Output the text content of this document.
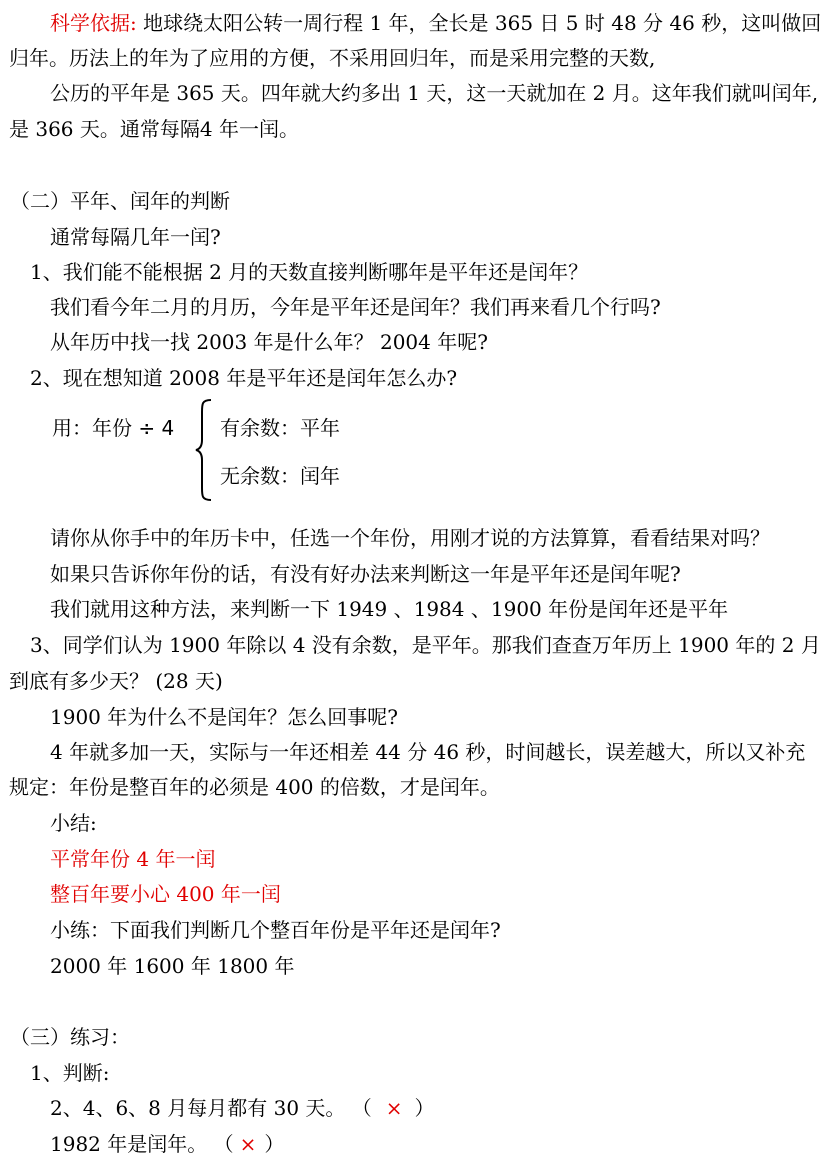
科学依据: 地球绕太阳公转一周行程 1 年，全长是 365 日 5 时 48 分 46 秒，这叫做回
归年。历法上的年为了应用的方便，不采用回归年，而是采用完整的天数,
公历的平年是 365 天。四年就大约多出 1 天，这一天就加在 2 月。这年我们就叫闰年,
是 366 天。通常每隔4 年一闰。
（二）平年、闰年的判断
通常每隔几年一闰?
1、我们能不能根据 2 月的天数直接判断哪年是平年还是闰年？
我们看今年二月的月历，今年是平年还是闰年？我们再来看几个行吗?
从年历中找一找 2003 年是什么年？ 2004 年呢?
2、现在想知道 2008 年是平年还是闰年怎么办?
用：年份 ÷ 4 有余数：平年
无余数：闰年
请你从你手中的年历卡中，任选一个年份，用刚才说的方法算算，看看结果对吗？
如果只告诉你年份的话，有没有好办法来判断这一年是平年还是闰年呢?
我们就用这种方法，来判断一下 1949 、1984 、1900 年份是闰年还是平年
3、同学们认为 1900 年除以 4 没有余数，是平年。那我们查查万年历上 1900 年的 2 月
到底有多少天？ (28 天)
1900 年为什么不是闰年？怎么回事呢?
4 年就多加一天，实际与一年还相差 44 分 46 秒，时间越长，误差越大，所以又补充
规定：年份是整百年的必须是 400 的倍数，才是闰年。
小结:
平常年份 4 年一闰
整百年要小心 400 年一闰
小练：下面我们判断几个整百年份是平年还是闰年?
2000 年 1600 年 1800 年
（三）练习：
1、判断:
2、4、6、8 月每月都有 30 天。 （ × ）
1982 年是闰年。 （ × ）
